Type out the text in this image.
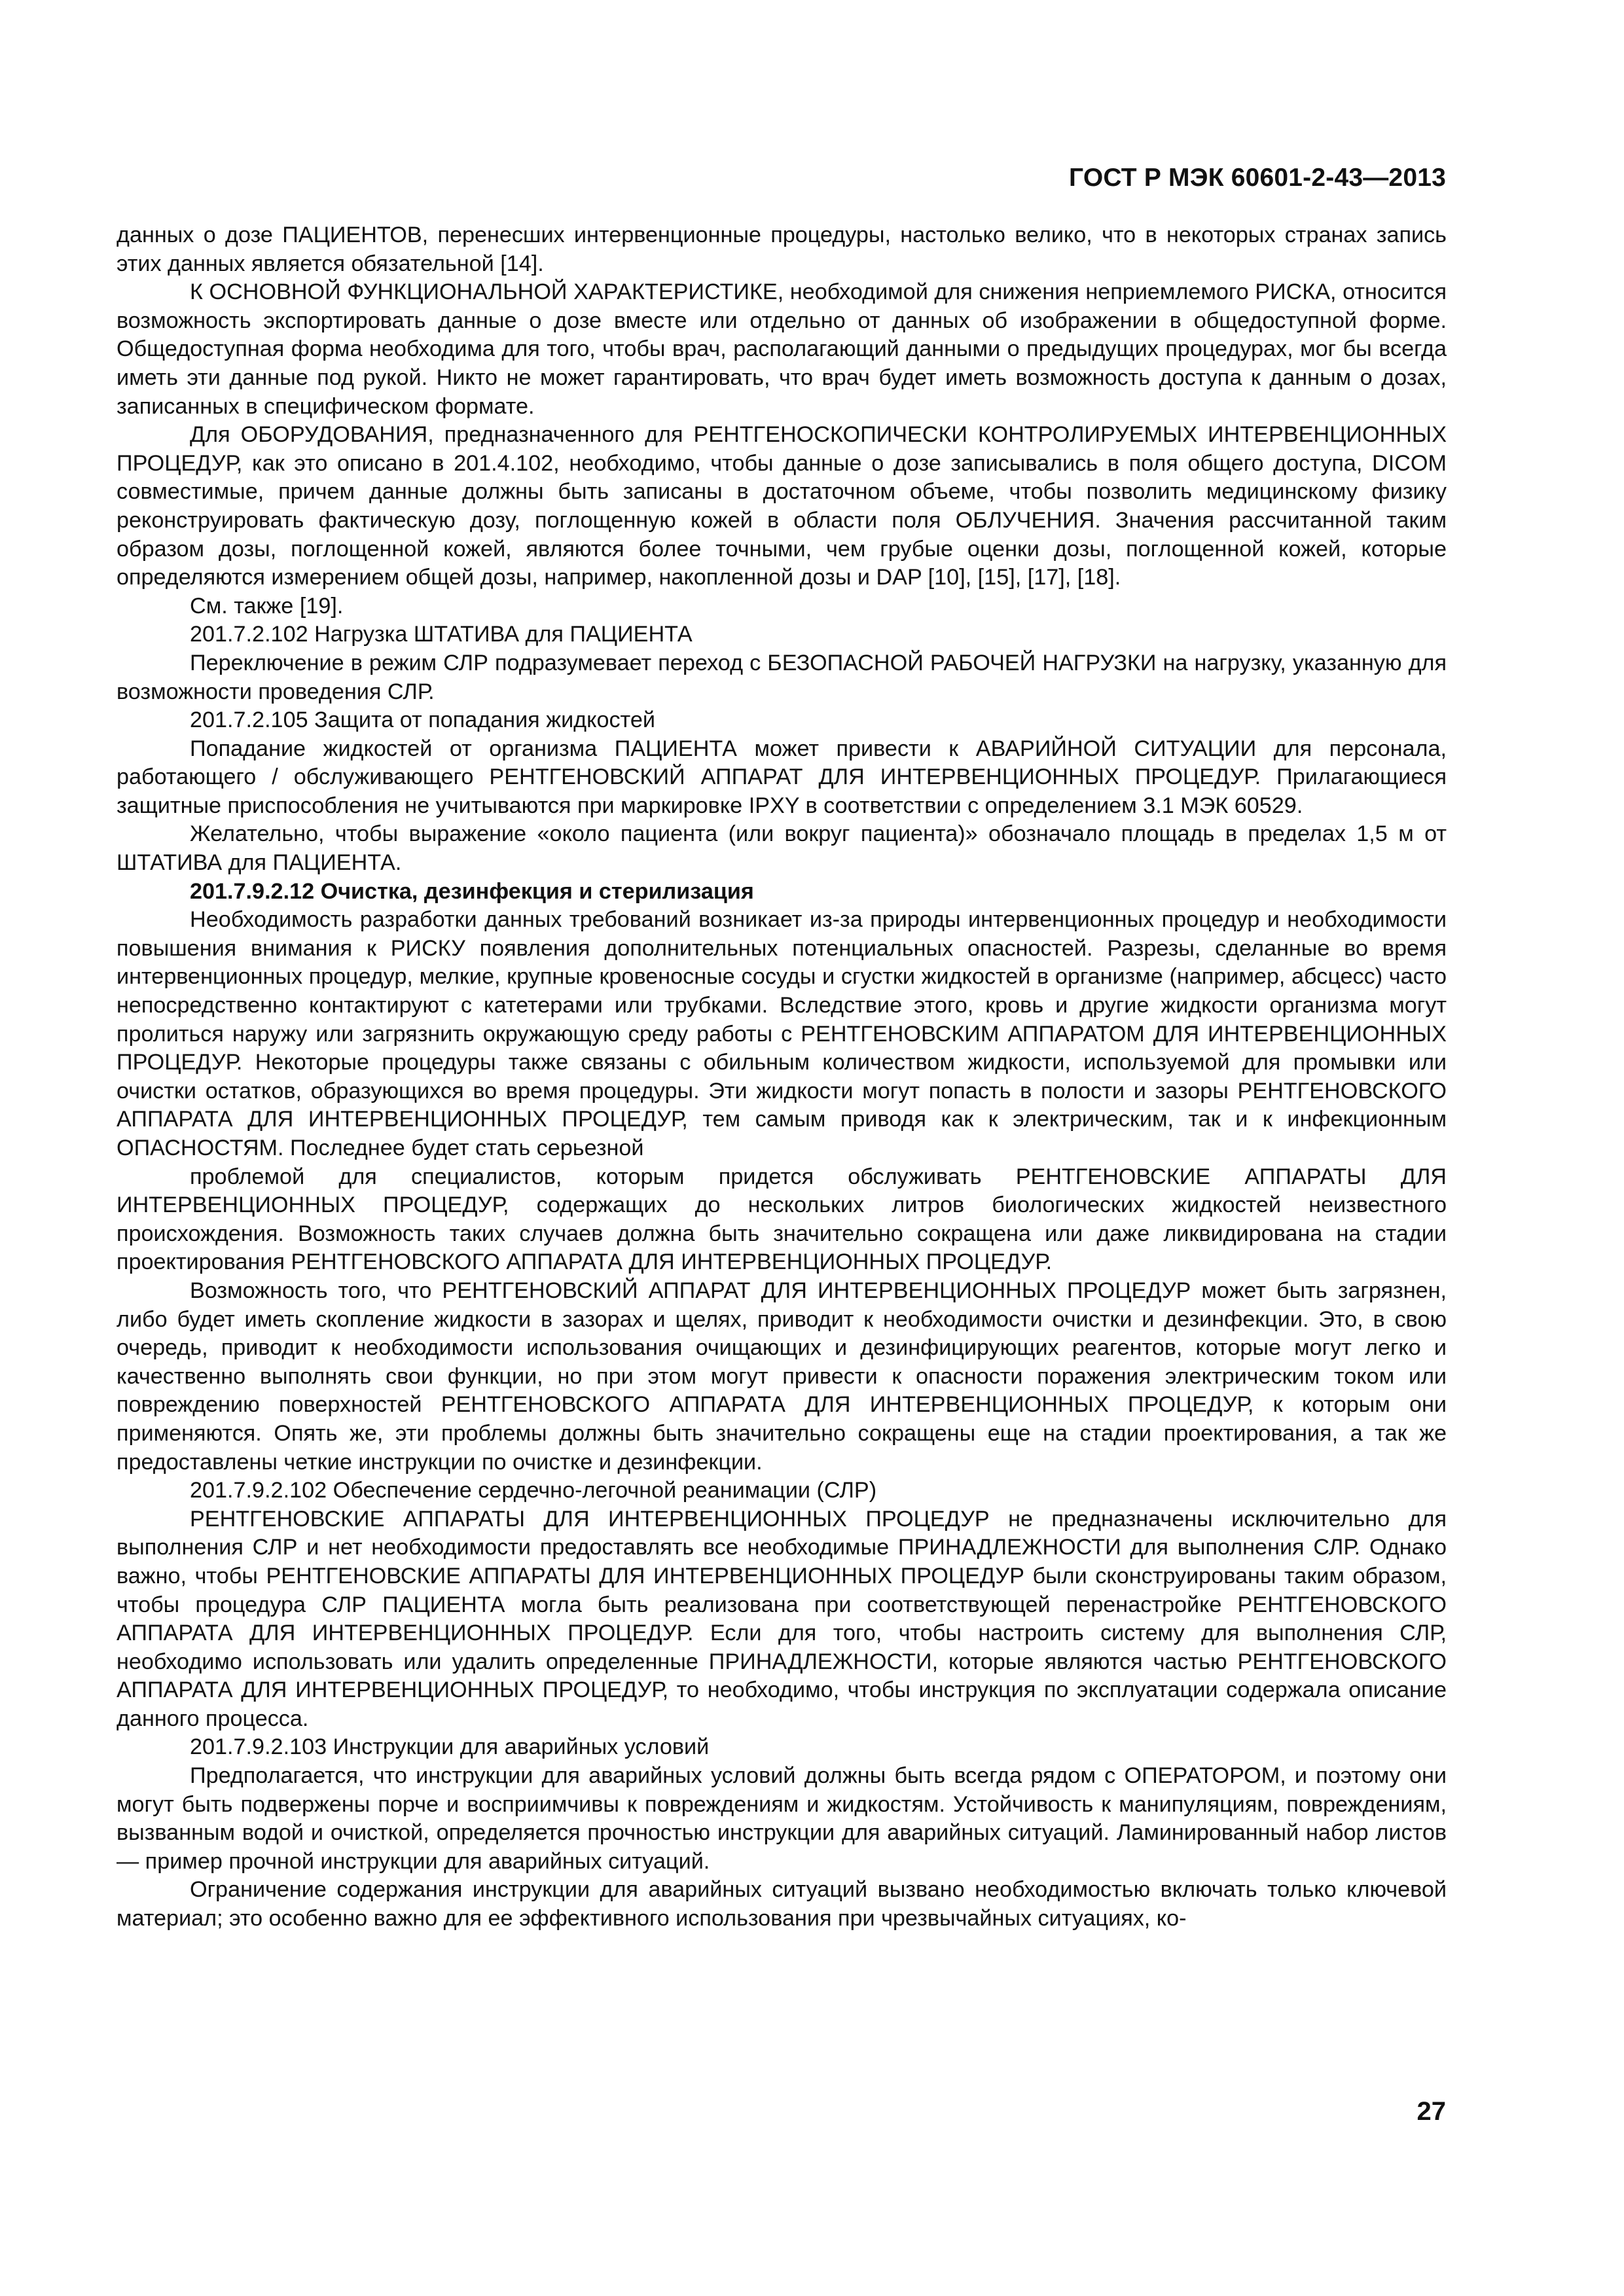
ГОСТ Р МЭК 60601-2-43—2013

данных о дозе ПАЦИЕНТОВ, перенесших интервенционные процедуры, настолько велико, что в некоторых странах запись этих данных является обязательной [14].

К ОСНОВНОЙ ФУНКЦИОНАЛЬНОЙ ХАРАКТЕРИСТИКЕ, необходимой для снижения неприемлемого РИСКА, относится возможность экспортировать данные о дозе вместе или отдельно от данных об изображении в общедоступной форме. Общедоступная форма необходима для того, чтобы врач, располагающий данными о предыдущих процедурах, мог бы всегда иметь эти данные под рукой. Никто не может гарантировать, что врач будет иметь возможность доступа к данным о дозах, записанных в специфическом формате.

Для ОБОРУДОВАНИЯ, предназначенного для РЕНТГЕНОСКОПИЧЕСКИ КОНТРОЛИРУЕМЫХ ИНТЕРВЕНЦИОННЫХ ПРОЦЕДУР, как это описано в 201.4.102, необходимо, чтобы данные о дозе записывались в поля общего доступа, DICOM совместимые, причем данные должны быть записаны в достаточном объеме, чтобы позволить медицинскому физику реконструировать фактическую дозу, поглощенную кожей в области поля ОБЛУЧЕНИЯ. Значения рассчитанной таким образом дозы, поглощенной кожей, являются более точными, чем грубые оценки дозы, поглощенной кожей, которые определяются измерением общей дозы, например, накопленной дозы и DAP [10], [15], [17], [18].

См. также [19].

201.7.2.102 Нагрузка ШТАТИВА для ПАЦИЕНТА

Переключение в режим СЛР подразумевает переход с БЕЗОПАСНОЙ РАБОЧЕЙ НАГРУЗКИ на нагрузку, указанную для возможности проведения СЛР.

201.7.2.105 Защита от попадания жидкостей

Попадание жидкостей от организма ПАЦИЕНТА может привести к АВАРИЙНОЙ СИТУАЦИИ для персонала, работающего / обслуживающего РЕНТГЕНОВСКИЙ АППАРАТ ДЛЯ ИНТЕРВЕНЦИОННЫХ ПРОЦЕДУР. Прилагающиеся защитные приспособления не учитываются при маркировке IPXY в соответствии с определением 3.1 МЭК 60529.

Желательно, чтобы выражение «около пациента (или вокруг пациента)» обозначало площадь в пределах 1,5 м от ШТАТИВА для ПАЦИЕНТА.

201.7.9.2.12 Очистка, дезинфекция и стерилизация

Необходимость разработки данных требований возникает из-за природы интервенционных процедур и необходимости повышения внимания к РИСКУ появления дополнительных потенциальных опасностей. Разрезы, сделанные во время интервенционных процедур, мелкие, крупные кровеносные сосуды и сгустки жидкостей в организме (например, абсцесс) часто непосредственно контактируют с катетерами или трубками. Вследствие этого, кровь и другие жидкости организма могут пролиться наружу или загрязнить окружающую среду работы с РЕНТГЕНОВСКИМ АППАРАТОМ ДЛЯ ИНТЕРВЕНЦИОННЫХ ПРОЦЕДУР. Некоторые процедуры также связаны с обильным количеством жидкости, используемой для промывки или очистки остатков, образующихся во время процедуры. Эти жидкости могут попасть в полости и зазоры РЕНТГЕНОВСКОГО АППАРАТА ДЛЯ ИНТЕРВЕНЦИОННЫХ ПРОЦЕДУР, тем самым приводя как к электрическим, так и к инфекционным ОПАСНОСТЯМ. Последнее будет стать серьезной

проблемой для специалистов, которым придется обслуживать РЕНТГЕНОВСКИЕ АППАРАТЫ ДЛЯ ИНТЕРВЕНЦИОННЫХ ПРОЦЕДУР, содержащих до нескольких литров биологических жидкостей неизвестного происхождения. Возможность таких случаев должна быть значительно сокращена или даже ликвидирована на стадии проектирования РЕНТГЕНОВСКОГО АППАРАТА ДЛЯ ИНТЕРВЕНЦИОННЫХ ПРОЦЕДУР.

Возможность того, что РЕНТГЕНОВСКИЙ АППАРАТ ДЛЯ ИНТЕРВЕНЦИОННЫХ ПРОЦЕДУР может быть загрязнен, либо будет иметь скопление жидкости в зазорах и щелях, приводит к необходимости очистки и дезинфекции. Это, в свою очередь, приводит к необходимости использования очищающих и дезинфицирующих реагентов, которые могут легко и качественно выполнять свои функции, но при этом могут привести к опасности поражения электрическим током или повреждению поверхностей РЕНТГЕНОВСКОГО АППАРАТА ДЛЯ ИНТЕРВЕНЦИОННЫХ ПРОЦЕДУР, к которым они применяются. Опять же, эти проблемы должны быть значительно сокращены еще на стадии проектирования, а так же предоставлены четкие инструкции по очистке и дезинфекции.

201.7.9.2.102 Обеспечение сердечно-легочной реанимации (СЛР)

РЕНТГЕНОВСКИЕ АППАРАТЫ ДЛЯ ИНТЕРВЕНЦИОННЫХ ПРОЦЕДУР не предназначены исключительно для выполнения СЛР и нет необходимости предоставлять все необходимые ПРИНАДЛЕЖНОСТИ для выполнения СЛР. Однако важно, чтобы РЕНТГЕНОВСКИЕ АППАРАТЫ ДЛЯ ИНТЕРВЕНЦИОННЫХ ПРОЦЕДУР были сконструированы таким образом, чтобы процедура СЛР ПАЦИЕНТА могла быть реализована при соответствующей перенастройке РЕНТГЕНОВСКОГО АППАРАТА ДЛЯ ИНТЕРВЕНЦИОННЫХ ПРОЦЕДУР. Если для того, чтобы настроить систему для выполнения СЛР, необходимо использовать или удалить определенные ПРИНАДЛЕЖНОСТИ, которые являются частью РЕНТГЕНОВСКОГО АППАРАТА ДЛЯ ИНТЕРВЕНЦИОННЫХ ПРОЦЕДУР, то необходимо, чтобы инструкция по эксплуатации содержала описание данного процесса.

201.7.9.2.103 Инструкции для аварийных условий

Предполагается, что инструкции для аварийных условий должны быть всегда рядом с ОПЕРАТОРОМ, и поэтому они могут быть подвержены порче и восприимчивы к повреждениям и жидкостям. Устойчивость к манипуляциям, повреждениям, вызванным водой и очисткой, определяется прочностью инструкции для аварийных ситуаций. Ламинированный набор листов — пример прочной инструкции для аварийных ситуаций.

Ограничение содержания инструкции для аварийных ситуаций вызвано необходимостью включать только ключевой материал; это особенно важно для ее эффективного использования при чрезвычайных ситуациях, ко-

27
